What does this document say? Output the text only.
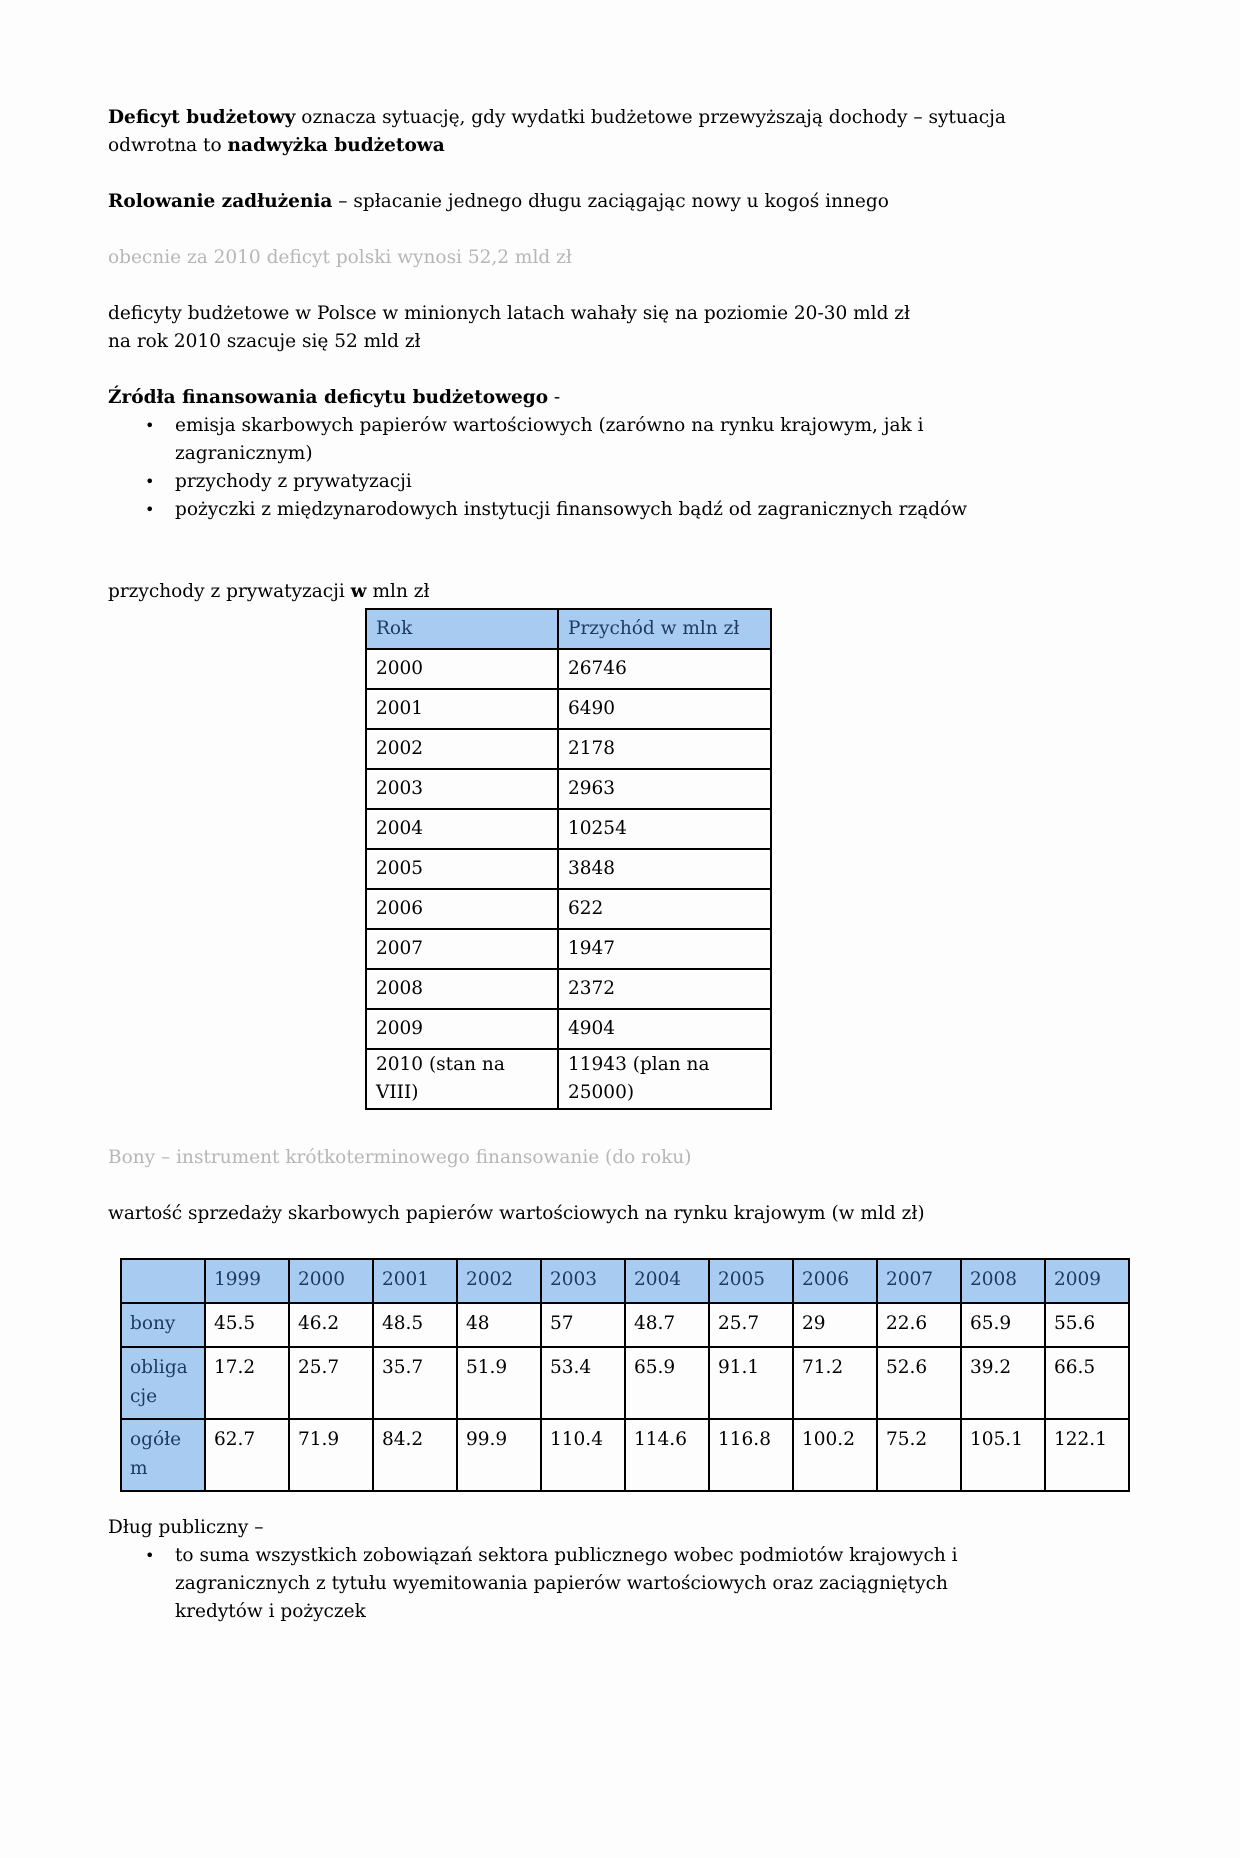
Deficyt budżetowy oznacza sytuację, gdy wydatki budżetowe przewyższają dochody – sytuacja
odwrotna to nadwyżka budżetowa

Rolowanie zadłużenia – spłacanie jednego długu zaciągając nowy u kogoś innego

obecnie za 2010 deficyt polski wynosi 52,2 mld zł

deficyty budżetowe w Polsce w minionych latach wahały się na poziomie 20-30 mld zł
na rok 2010 szacuje się 52 mld zł

Źródła finansowania deficytu budżetowego -

•	emisja skarbowych papierów wartościowych (zarówno na rynku krajowym, jak i
zagranicznym)
•	przychody z prywatyzacji
•	pożyczki z międzynarodowych instytucji finansowych bądź od zagranicznych rządów

przychody z prywatyzacji w mln zł

Rok	Przychód w mln zł
2000	26746
2001	6490
2002	2178
2003	2963
2004	10254
2005	3848
2006	622
2007	1947
2008	2372
2009	4904
2010 (stan na VIII)	11943 (plan na 25000)

Bony – instrument krótkoterminowego finansowanie (do roku)

wartość sprzedaży skarbowych papierów wartościowych na rynku krajowym (w mld zł)

	1999	2000	2001	2002	2003	2004	2005	2006	2007	2008	2009

bony	45.5	46.2	48.5	48	57	48.7	25.7	29	22.6	65.9	55.6

obliga
cje	17.2	25.7	35.7	51.9	53.4	65.9	91.1	71.2	52.6	39.2	66.5

ogółe
m	62.7	71.9	84.2	99.9	110.4	114.6	116.8	100.2	75.2	105.1	122.1

Dług publiczny –

•	to suma wszystkich zobowiązań sektora publicznego wobec podmiotów krajowych i
zagranicznych z tytułu wyemitowania papierów wartościowych oraz zaciągniętych
kredytów i pożyczek
